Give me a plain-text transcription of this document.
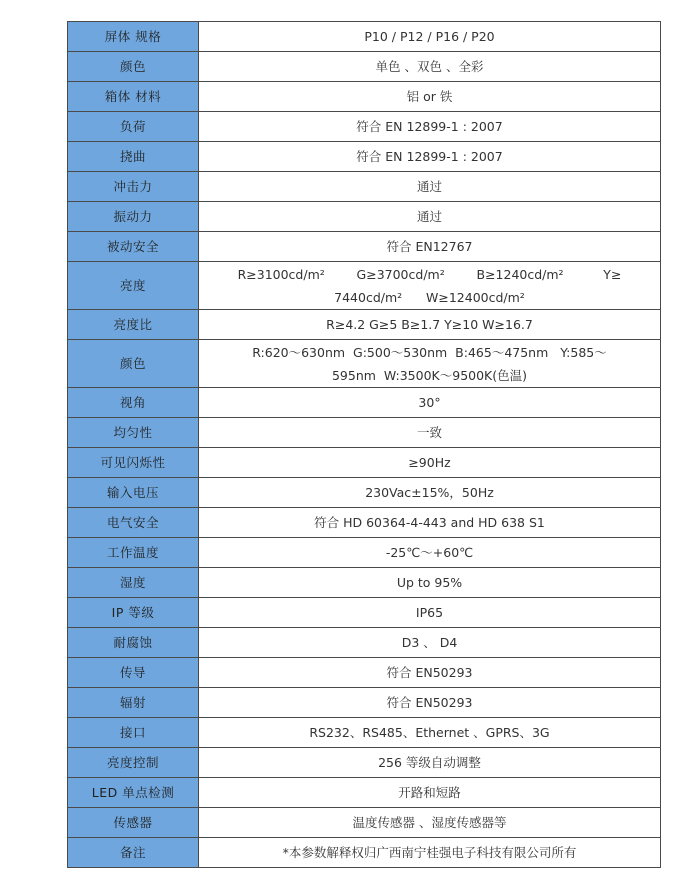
屏体 规格	P10 / P12 / P16 / P20
颜色	单色 、双色 、全彩
箱体 材料	铝 or 铁
负荷	符合 EN 12899-1 : 2007
挠曲	符合 EN 12899-1 : 2007
冲击力	通过
振动力	通过
被动安全	符合 EN12767
亮度	R≥3100cd/m²        G≥3700cd/m²        B≥1240cd/m²          Y≥
7440cd/m²      W≥12400cd/m²

亮度比	R≥4.2 G≥5 B≥1.7 Y≥10 W≥16.7
颜色	R:620～630nm  G:500～530nm  B:465～475nm   Y:585～
595nm  W:3500K～9500K(色温)

视角	30°
均匀性	一致
可见闪烁性	≥90Hz
输入电压	230Vac±15%，50Hz
电气安全	符合 HD 60364-4-443 and HD 638 S1
工作温度	-25℃～+60℃
湿度	Up to 95%
IP 等级	IP65
耐腐蚀	D3 、 D4
传导	符合 EN50293
辐射	符合 EN50293
接口	RS232、RS485、Ethernet 、GPRS、3G
亮度控制	256 等级自动调整
LED 单点检测	开路和短路
传感器	温度传感器 、湿度传感器等
备注	*本参数解释权归广西南宁桂强电子科技有限公司所有
